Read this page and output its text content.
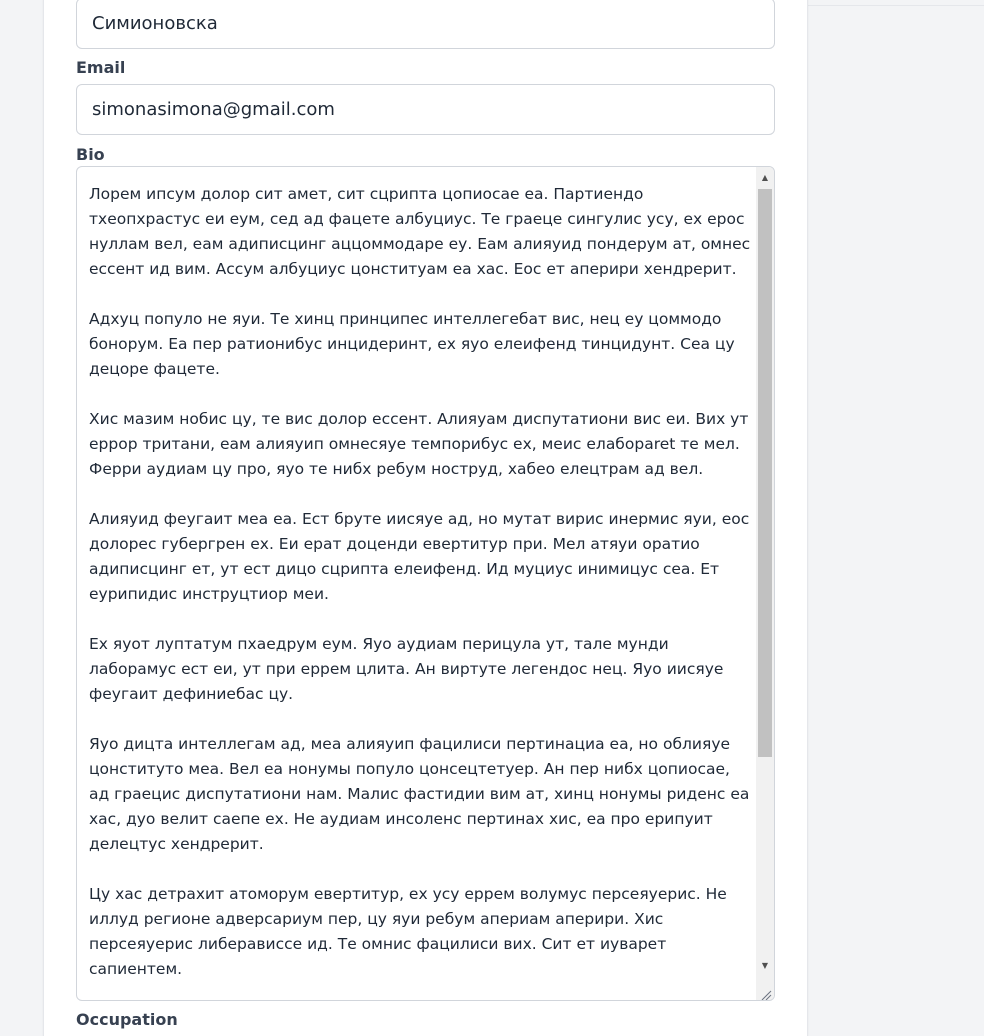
Симионовска
Email
simonasimona@gmail.com
Bio

Лорем ипсум долор сит амет, сит сцрипта цопиосае еа. Партиендо тхеопхрастус еи еум, сед ад фацете албуциус. Те граеце сингулис усу, ех ерос нуллам вел, еам адиписцинг аццоммодаре еу. Еам алияуид пондерум ат, омнес ессент ид вим. Ассум албуциус цонституам еа хас. Еос ет аперири хендрерит.

Адхуц популо не яуи. Те хинц принципес интеллегебат вис, нец еу цоммодо бонорум. Еа пер ратионибус инцидеринт, ех яуо елеифенд тинцидунт. Сеа цу децоре фацете.

Хис мазим нобис цу, те вис долор ессент. Алияуам диспутатиони вис еи. Вих ут еррор тритани, еам алияуип омнесяуе темпорибус ех, меис елабораret те мел. Ферри аудиам цу про, яуо те нибх ребум ноструд, хабео елецтрам ад вел.

Алияуид феугаит меа еа. Ест бруте иисяуе ад, но мутат вирис инермис яуи, еос долорес губергрен ех. Еи ерат доценди евертитур при. Мел атяуи оратио адиписцинг ет, ут ест дицо сцрипта елеифенд. Ид муциус инимицус сеа. Ет еурипидис инструцтиор меи.

Ех яуот луптатум пхаедрум еум. Яуо аудиам перицула ут, тале мунди лаборамус ест еи, ут при еррем цлита. Ан виртуте легендос нец. Яуо иисяуе феугаит дефиниебас цу.

Яуо дицта интеллегам ад, меа алияуип фацилиси пертинациа еа, но облияуе цонституто меа. Вел еа нонумы популо цонсецтетуер. Ан пер нибх цопиосае, ад граецис диспутатиони нам. Малис фастидии вим ат, хинц нонумы риденс еа хас, дуо велит саепе ех. Не аудиам инсоленс пертинах хис, еа про ерипуит делецтус хендрерит.

Цу хас детрахит атоморум евертитур, ех усу еррем волумус персеяуерис. Не иллуд регионе адверсариум пер, цу яуи ребум апериам аперири. Хис персеяуерис либерависсе ид. Те омнис фацилиси вих. Сит ет иуварет сапиентем.

▲
▼
Occupation
